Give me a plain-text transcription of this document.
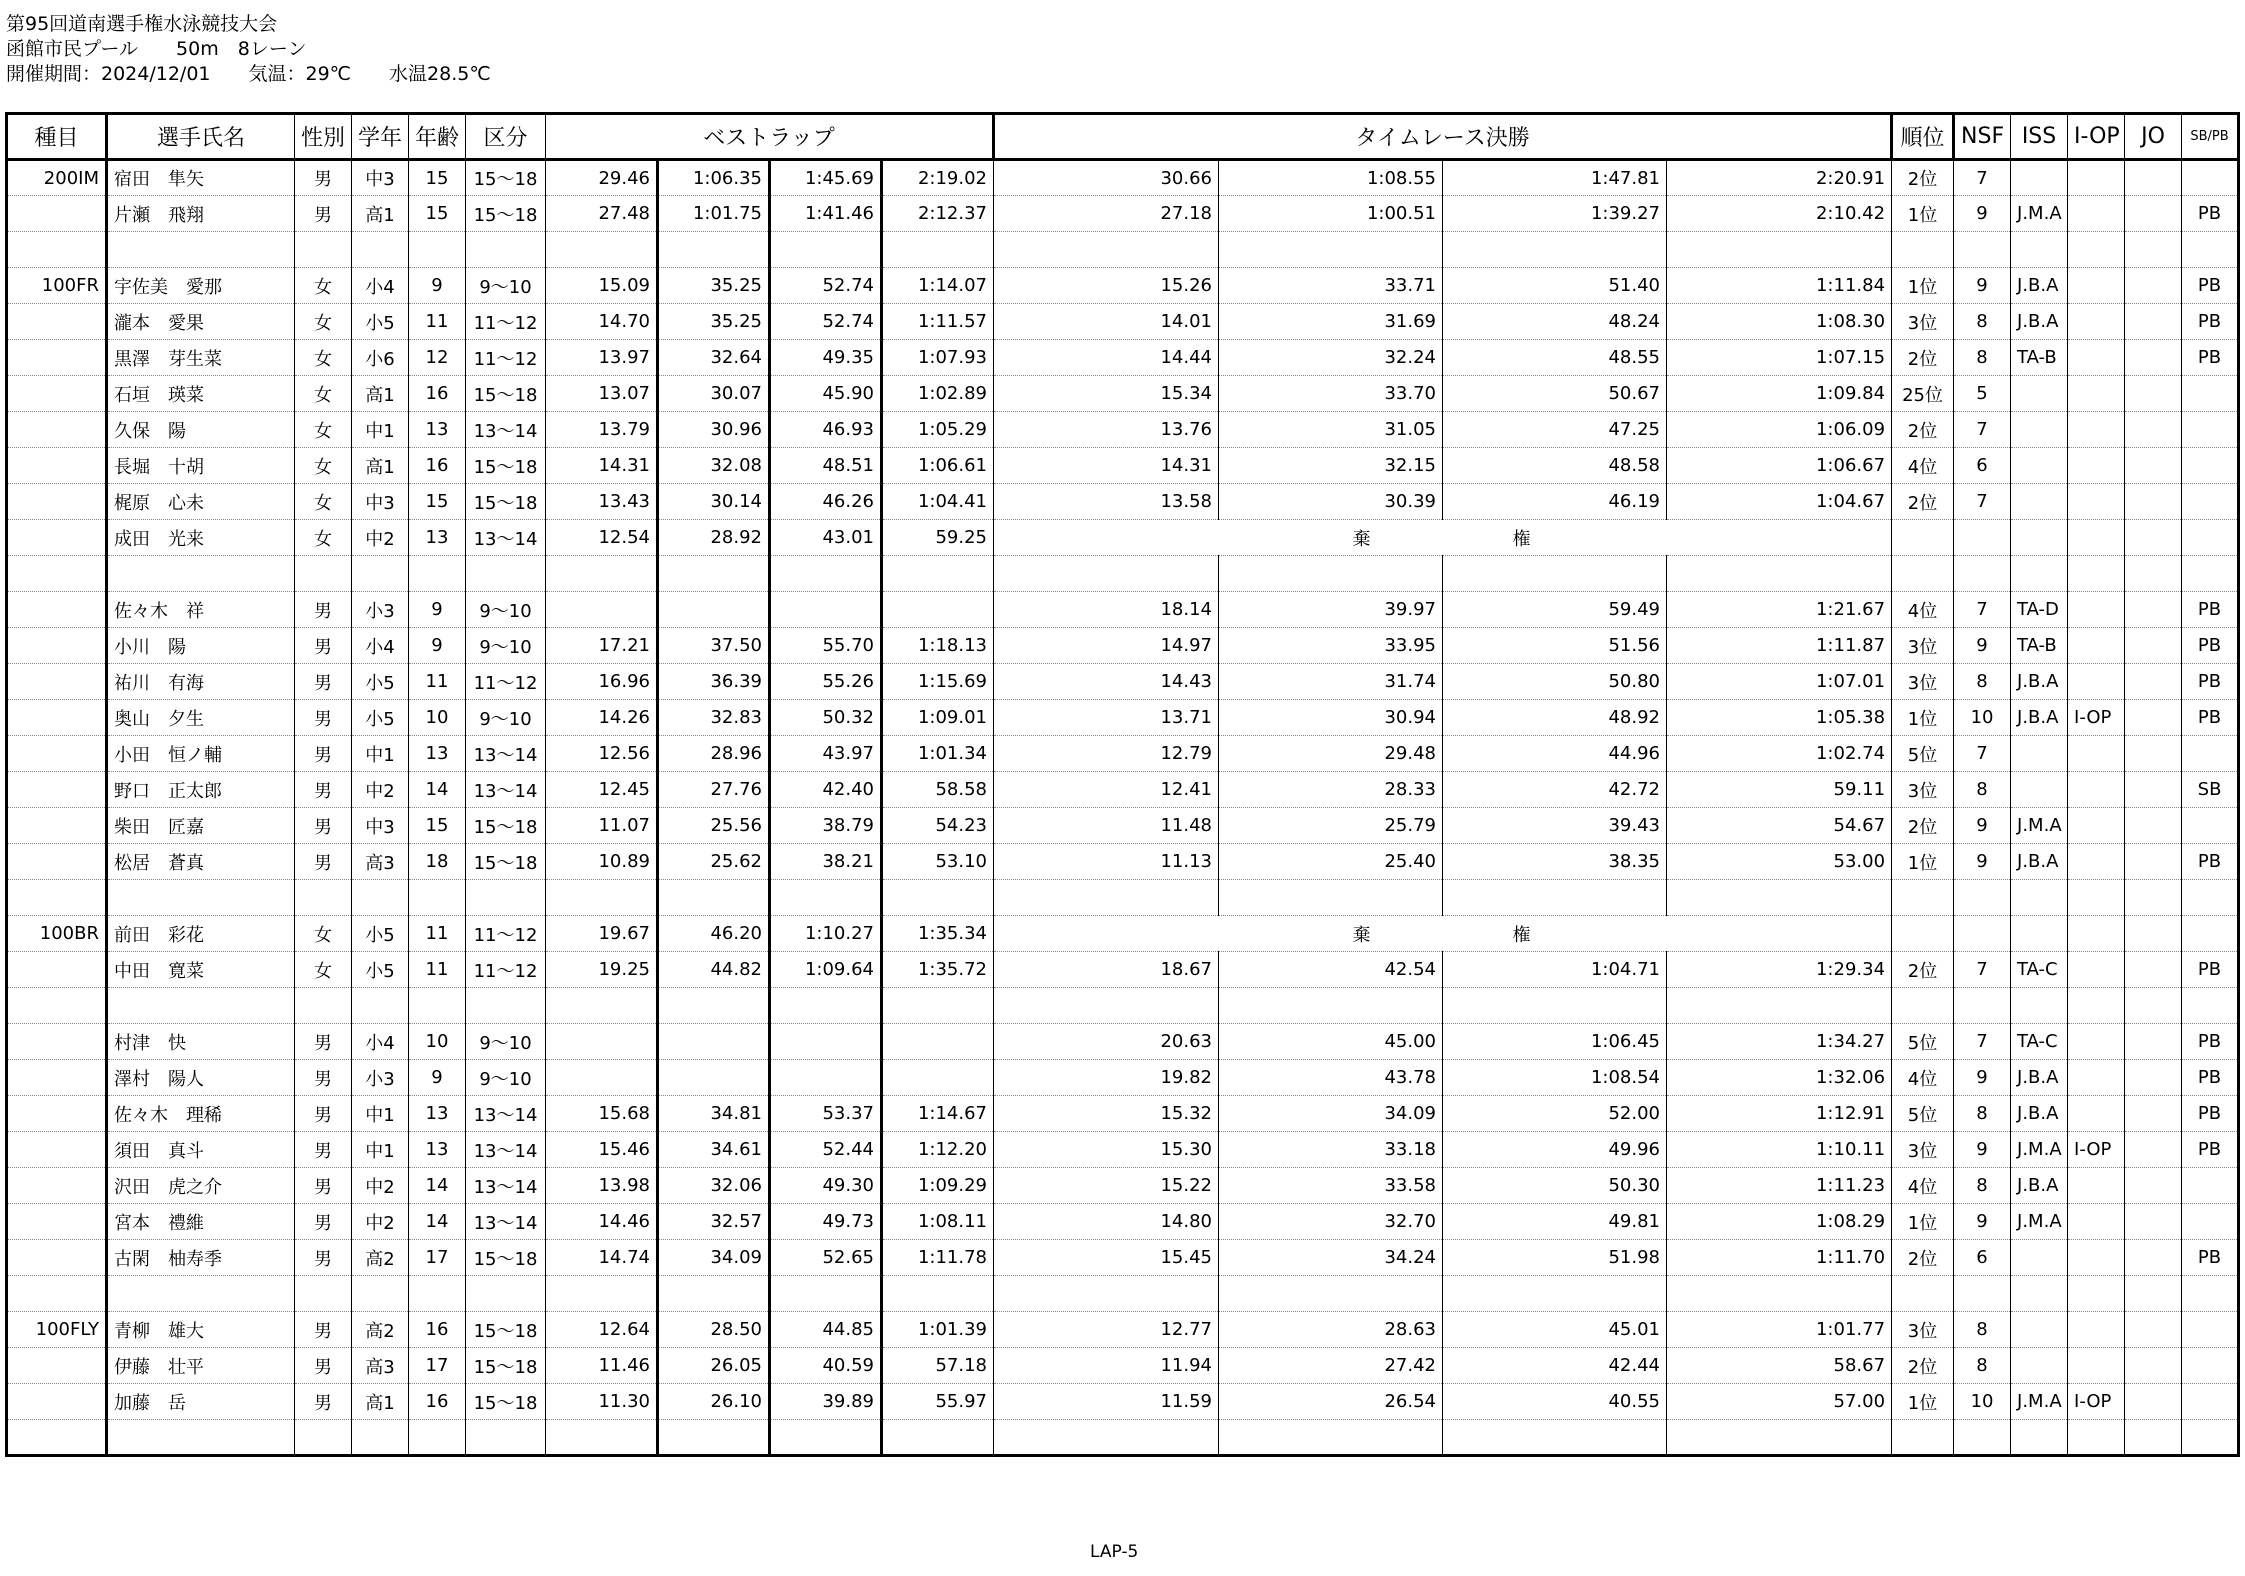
第95回道南選手権水泳競技大会
函館市民プール　　50m　8レーン
開催期間：2024/12/01　　気温：29℃　　水温28.5℃
種目	選手氏名	性別	学年	年齢	区分	ベストラップ				タイムレース決勝				順位	NSF	ISS	I-OP	JO	SB/PB
200IM	宿田　隼矢	男	中3	15	15～18	29.46	1:06.35	1:45.69	2:19.02	30.66	1:08.55	1:47.81	2:20.91	2位	7				
	片瀬　飛翔	男	高1	15	15～18	27.48	1:01.75	1:41.46	2:12.37	27.18	1:00.51	1:39.27	2:10.42	1位	9	J.M.A			PB

100FR	宇佐美　愛那	女	小4	9	9～10	15.09	35.25	52.74	1:14.07	15.26	33.71	51.40	1:11.84	1位	9	J.B.A			PB
	瀧本　愛果	女	小5	11	11～12	14.70	35.25	52.74	1:11.57	14.01	31.69	48.24	1:08.30	3位	8	J.B.A			PB
	黒澤　芽生菜	女	小6	12	11～12	13.97	32.64	49.35	1:07.93	14.44	32.24	48.55	1:07.15	2位	8	TA-B			PB
	石垣　瑛菜	女	高1	16	15～18	13.07	30.07	45.90	1:02.89	15.34	33.70	50.67	1:09.84	25位	5				
	久保　陽	女	中1	13	13～14	13.79	30.96	46.93	1:05.29	13.76	31.05	47.25	1:06.09	2位	7				
	長堀　十胡	女	高1	16	15～18	14.31	32.08	48.51	1:06.61	14.31	32.15	48.58	1:06.67	4位	6				
	梶原　心未	女	中3	15	15～18	13.43	30.14	46.26	1:04.41	13.58	30.39	46.19	1:04.67	2位	7				
	成田　光来	女	中2	13	13～14	12.54	28.92	43.01	59.25	棄 権									

	佐々木　祥	男	小3	9	9～10					18.14	39.97	59.49	1:21.67	4位	7	TA-D			PB
	小川　陽	男	小4	9	9～10	17.21	37.50	55.70	1:18.13	14.97	33.95	51.56	1:11.87	3位	9	TA-B			PB
	祐川　有海	男	小5	11	11～12	16.96	36.39	55.26	1:15.69	14.43	31.74	50.80	1:07.01	3位	8	J.B.A			PB
	奥山　夕生	男	小5	10	9～10	14.26	32.83	50.32	1:09.01	13.71	30.94	48.92	1:05.38	1位	10	J.B.A	I-OP		PB
	小田　恒ノ輔	男	中1	13	13～14	12.56	28.96	43.97	1:01.34	12.79	29.48	44.96	1:02.74	5位	7				
	野口　正太郎	男	中2	14	13～14	12.45	27.76	42.40	58.58	12.41	28.33	42.72	59.11	3位	8				SB
	柴田　匠嘉	男	中3	15	15～18	11.07	25.56	38.79	54.23	11.48	25.79	39.43	54.67	2位	9	J.M.A			
	松居　蒼真	男	高3	18	15～18	10.89	25.62	38.21	53.10	11.13	25.40	38.35	53.00	1位	9	J.B.A			PB

100BR	前田　彩花	女	小5	11	11～12	19.67	46.20	1:10.27	1:35.34	棄 権									
	中田　寛菜	女	小5	11	11～12	19.25	44.82	1:09.64	1:35.72	18.67	42.54	1:04.71	1:29.34	2位	7	TA-C			PB

	村津　快	男	小4	10	9～10					20.63	45.00	1:06.45	1:34.27	5位	7	TA-C			PB
	澤村　陽人	男	小3	9	9～10					19.82	43.78	1:08.54	1:32.06	4位	9	J.B.A			PB
	佐々木　理稀	男	中1	13	13～14	15.68	34.81	53.37	1:14.67	15.32	34.09	52.00	1:12.91	5位	8	J.B.A			PB
	須田　真斗	男	中1	13	13～14	15.46	34.61	52.44	1:12.20	15.30	33.18	49.96	1:10.11	3位	9	J.M.A	I-OP		PB
	沢田　虎之介	男	中2	14	13～14	13.98	32.06	49.30	1:09.29	15.22	33.58	50.30	1:11.23	4位	8	J.B.A			
	宮本　禮維	男	中2	14	13～14	14.46	32.57	49.73	1:08.11	14.80	32.70	49.81	1:08.29	1位	9	J.M.A			
	古閑　柚寿季	男	高2	17	15～18	14.74	34.09	52.65	1:11.78	15.45	34.24	51.98	1:11.70	2位	6				PB

100FLY	青柳　雄大	男	高2	16	15～18	12.64	28.50	44.85	1:01.39	12.77	28.63	45.01	1:01.77	3位	8				
	伊藤　壮平	男	高3	17	15～18	11.46	26.05	40.59	57.18	11.94	27.42	42.44	58.67	2位	8				
	加藤　岳	男	高1	16	15～18	11.30	26.10	39.89	55.97	11.59	26.54	40.55	57.00	1位	10	J.M.A	I-OP		

LAP-5
